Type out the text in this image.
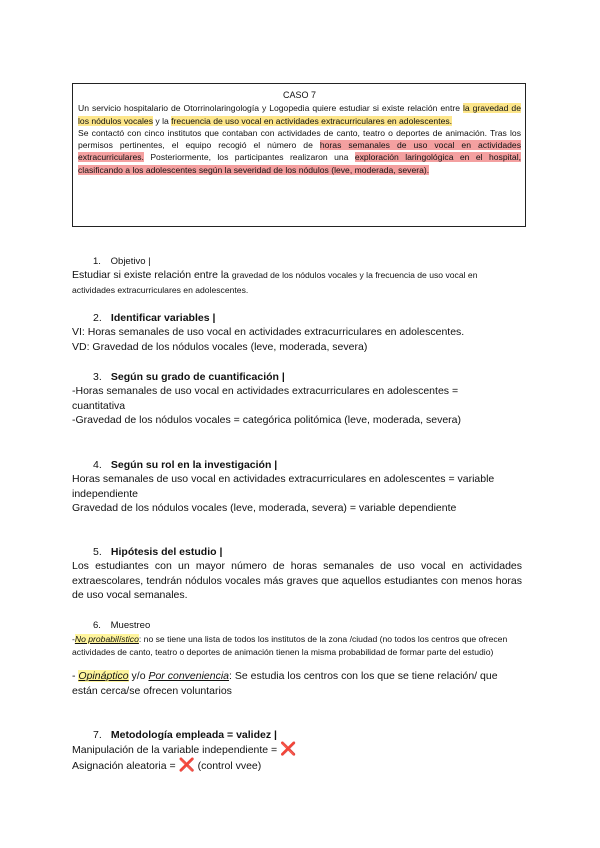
CASO 7
Un servicio hospitalario de Otorrinolaringología y Logopedia quiere estudiar si existe relación entre la gravedad de los nódulos vocales y la frecuencia de uso vocal en actividades extracurriculares en adolescentes.
Se contactó con cinco institutos que contaban con actividades de canto, teatro o deportes de animación. Tras los permisos pertinentes, el equipo recogió el número de horas semanales de uso vocal en actividades extracurriculares. Posteriormente, los participantes realizaron una exploración laringológica en el hospital, clasificando a los adolescentes según la severidad de los nódulos (leve, moderada, severa).
1. Objetivo |
Estudiar si existe relación entre la gravedad de los nódulos vocales y la frecuencia de uso vocal en actividades extracurriculares en adolescentes.
2. Identificar variables |
VI: Horas semanales de uso vocal en actividades extracurriculares en adolescentes.
VD: Gravedad de los nódulos vocales (leve, moderada, severa)
3. Según su grado de cuantificación |
-Horas semanales de uso vocal en actividades extracurriculares en adolescentes = cuantitativa
-Gravedad de los nódulos vocales = categórica politómica (leve, moderada, severa)
4. Según su rol en la investigación |
Horas semanales de uso vocal en actividades extracurriculares en adolescentes = variable independiente
Gravedad de los nódulos vocales (leve, moderada, severa) = variable dependiente
5. Hipótesis del estudio |
Los estudiantes con un mayor número de horas semanales de uso vocal en actividades extraescolares, tendrán nódulos vocales más graves que aquellos estudiantes con menos horas de uso vocal semanales.
6. Muestreo
-No probabilístico: no se tiene una lista de todos los institutos de la zona /ciudad (no todos los centros que ofrecen actividades de canto, teatro o deportes de animación tienen la misma probabilidad de formar parte del estudio)
- Opináptico y/o Por conveniencia: Se estudia los centros con los que se tiene relación/ que están cerca/se ofrecen voluntarios
7. Metodología empleada = validez |
Manipulación de la variable independiente = ❌
Asignación aleatoria = ❌ (control vvee)
